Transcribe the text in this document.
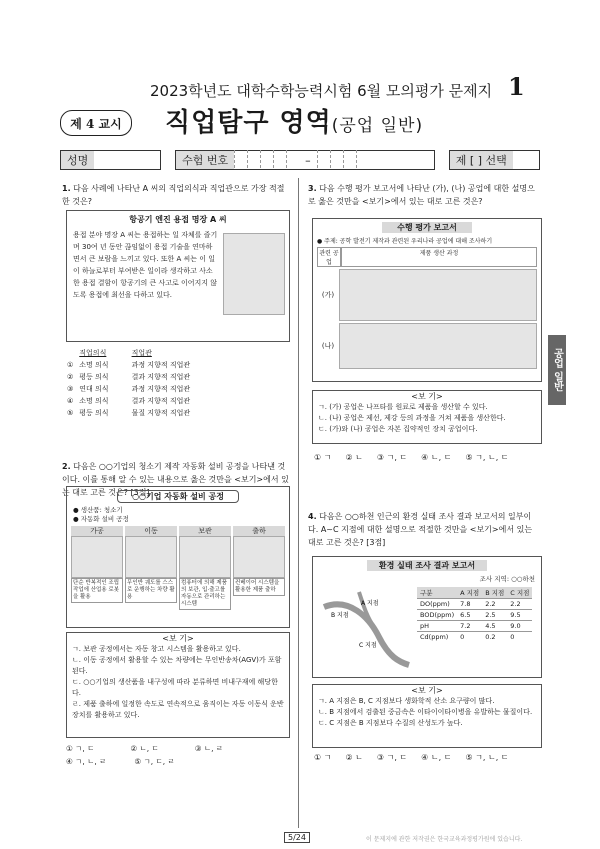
2023학년도 대학수학능력시험 6월 모의평가 문제지 1
제 4 교시	직업탐구 영역(공업 일반)
성명	수험 번호	–	제 [ ] 선택
공업 일반
1. 다음 사례에 나타난 A 씨의 직업의식과 직업관으로 가장 적절한 것은?
항공기 엔진 용접 명장 A 씨
용접 분야 명장 A 씨는 용접하는 일 자체를 즐기며 30여 년 동안 끊임없이 용접 기술을 연마하면서 큰 보람을 느끼고 있다. 또한 A 씨는 이 일이 하늘로부터 부여받은 일이라 생각하고 사소한 용접 결함이 항공기의 큰 사고로 이어지지 않도록 용접에 최선을 다하고 있다.
	직업의식	직업관
①	소명 의식	과정 지향적 직업관
②	평등 의식	결과 지향적 직업관
③	연대 의식	과정 지향적 직업관
④	소명 의식	결과 지향적 직업관
⑤	평등 의식	물질 지향적 직업관
2. 다음은 ○○기업의 청소기 제작 자동화 설비 공정을 나타낸 것이다. 이를 통해 알 수 있는 내용으로 옳은 것만을 <보기>에서 있는 대로 고른 것은? [3점]
○○기업 자동화 설비 공정
● 생산품: 청소기
● 자동화 설비 공정
가공
단순 반복적인 조립 작업에 산업용 로봇을 활용
이동
무인반 궤도를 스스로 운행하는 차량 활용
보관
컴퓨터에 의해 제품의 보관, 입·출고를 자동으로 관리하는 시스템
출하
컨베이어 시스템을 활용한 제품 출하
<보 기>
ㄱ. 보관 공정에서는 자동 창고 시스템을 활용하고 있다.
ㄴ. 이동 공정에서 활용할 수 있는 차량에는 무인반송차(AGV)가 포함된다.
ㄷ. ○○기업의 생산품을 내구성에 따라 분류하면 비내구재에 해당한다.
ㄹ. 제품 출하에 일정한 속도로 연속적으로 움직이는 자동 이동식 운반 장치를 활용하고 있다.
① ㄱ, ㄷ	② ㄴ, ㄷ	③ ㄴ, ㄹ
④ ㄱ, ㄴ, ㄹ	⑤ ㄱ, ㄷ, ㄹ
3. 다음 수행 평가 보고서에 나타난 (가), (나) 공업에 대한 설명으로 옳은 것만을 <보기>에서 있는 대로 고른 것은?
수행 평가 보고서
● 주제: 공학 발전기 제작과 관련된 우리나라 공업에 대해 조사하기
관련 공업
제품 생산 과정
(가)
(나)
<보 기>
ㄱ. (가) 공업은 나프타를 원료로 제품을 생산할 수 있다.
ㄴ. (나) 공업은 제선, 제강 등의 과정을 거쳐 제품을 생산한다.
ㄷ. (가)와 (나) 공업은 자본 집약적인 장치 공업이다.
① ㄱ ② ㄴ ③ ㄱ, ㄷ ④ ㄴ, ㄷ ⑤ ㄱ, ㄴ, ㄷ
4. 다음은 ○○하천 인근의 환경 실태 조사 결과 보고서의 일부이다. A~C 지점에 대한 설명으로 적절한 것만을 <보기>에서 있는 대로 고른 것은? [3점]
환경 실태 조사 결과 보고서
조사 지역: ○○하천
B 지점
A 지점
C 지점
구분	A 지점	B 지점	C 지점
DO(ppm)	7.8	2.2	2.2
BOD(ppm)	6.5	2.5	9.5
pH	7.2	4.5	9.0
Cd(ppm)	0	0.2	0
<보 기>
ㄱ. A 지점은 B, C 지점보다 생화학적 산소 요구량이 많다.
ㄴ. B 지점에서 검출된 중금속은 이타이이타이병을 유발하는 물질이다.
ㄷ. C 지점은 B 지점보다 수질의 산성도가 높다.
① ㄱ ② ㄴ ③ ㄱ, ㄷ ④ ㄴ, ㄷ ⑤ ㄱ, ㄴ, ㄷ
5/24	이 문제지에 관한 저작권은 한국교육과정평가원에 있습니다.
